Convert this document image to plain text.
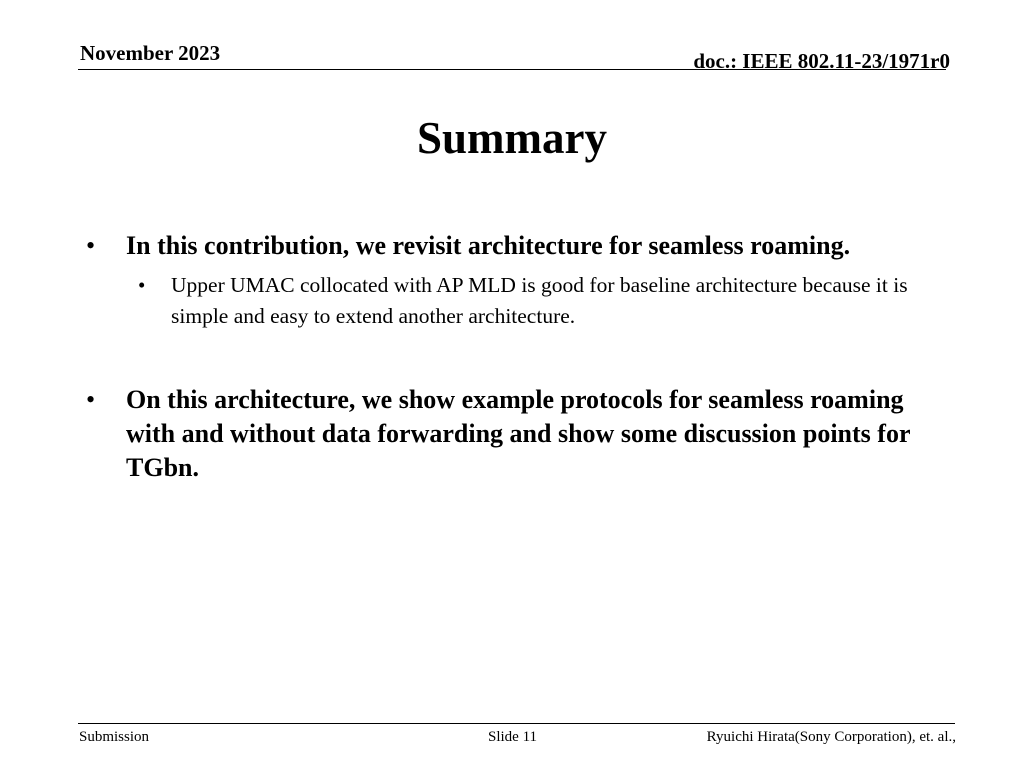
November 2023	doc.: IEEE 802.11-23/1971r0
Summary
• In this contribution, we revisit architecture for seamless roaming.
• Upper UMAC collocated with AP MLD is good for baseline architecture because it is simple and easy to extend another architecture.
• On this architecture, we show example protocols for seamless roaming with and without data forwarding and show some discussion points for TGbn.
Submission	Slide 11	Ryuichi Hirata(Sony Corporation), et. al.,
